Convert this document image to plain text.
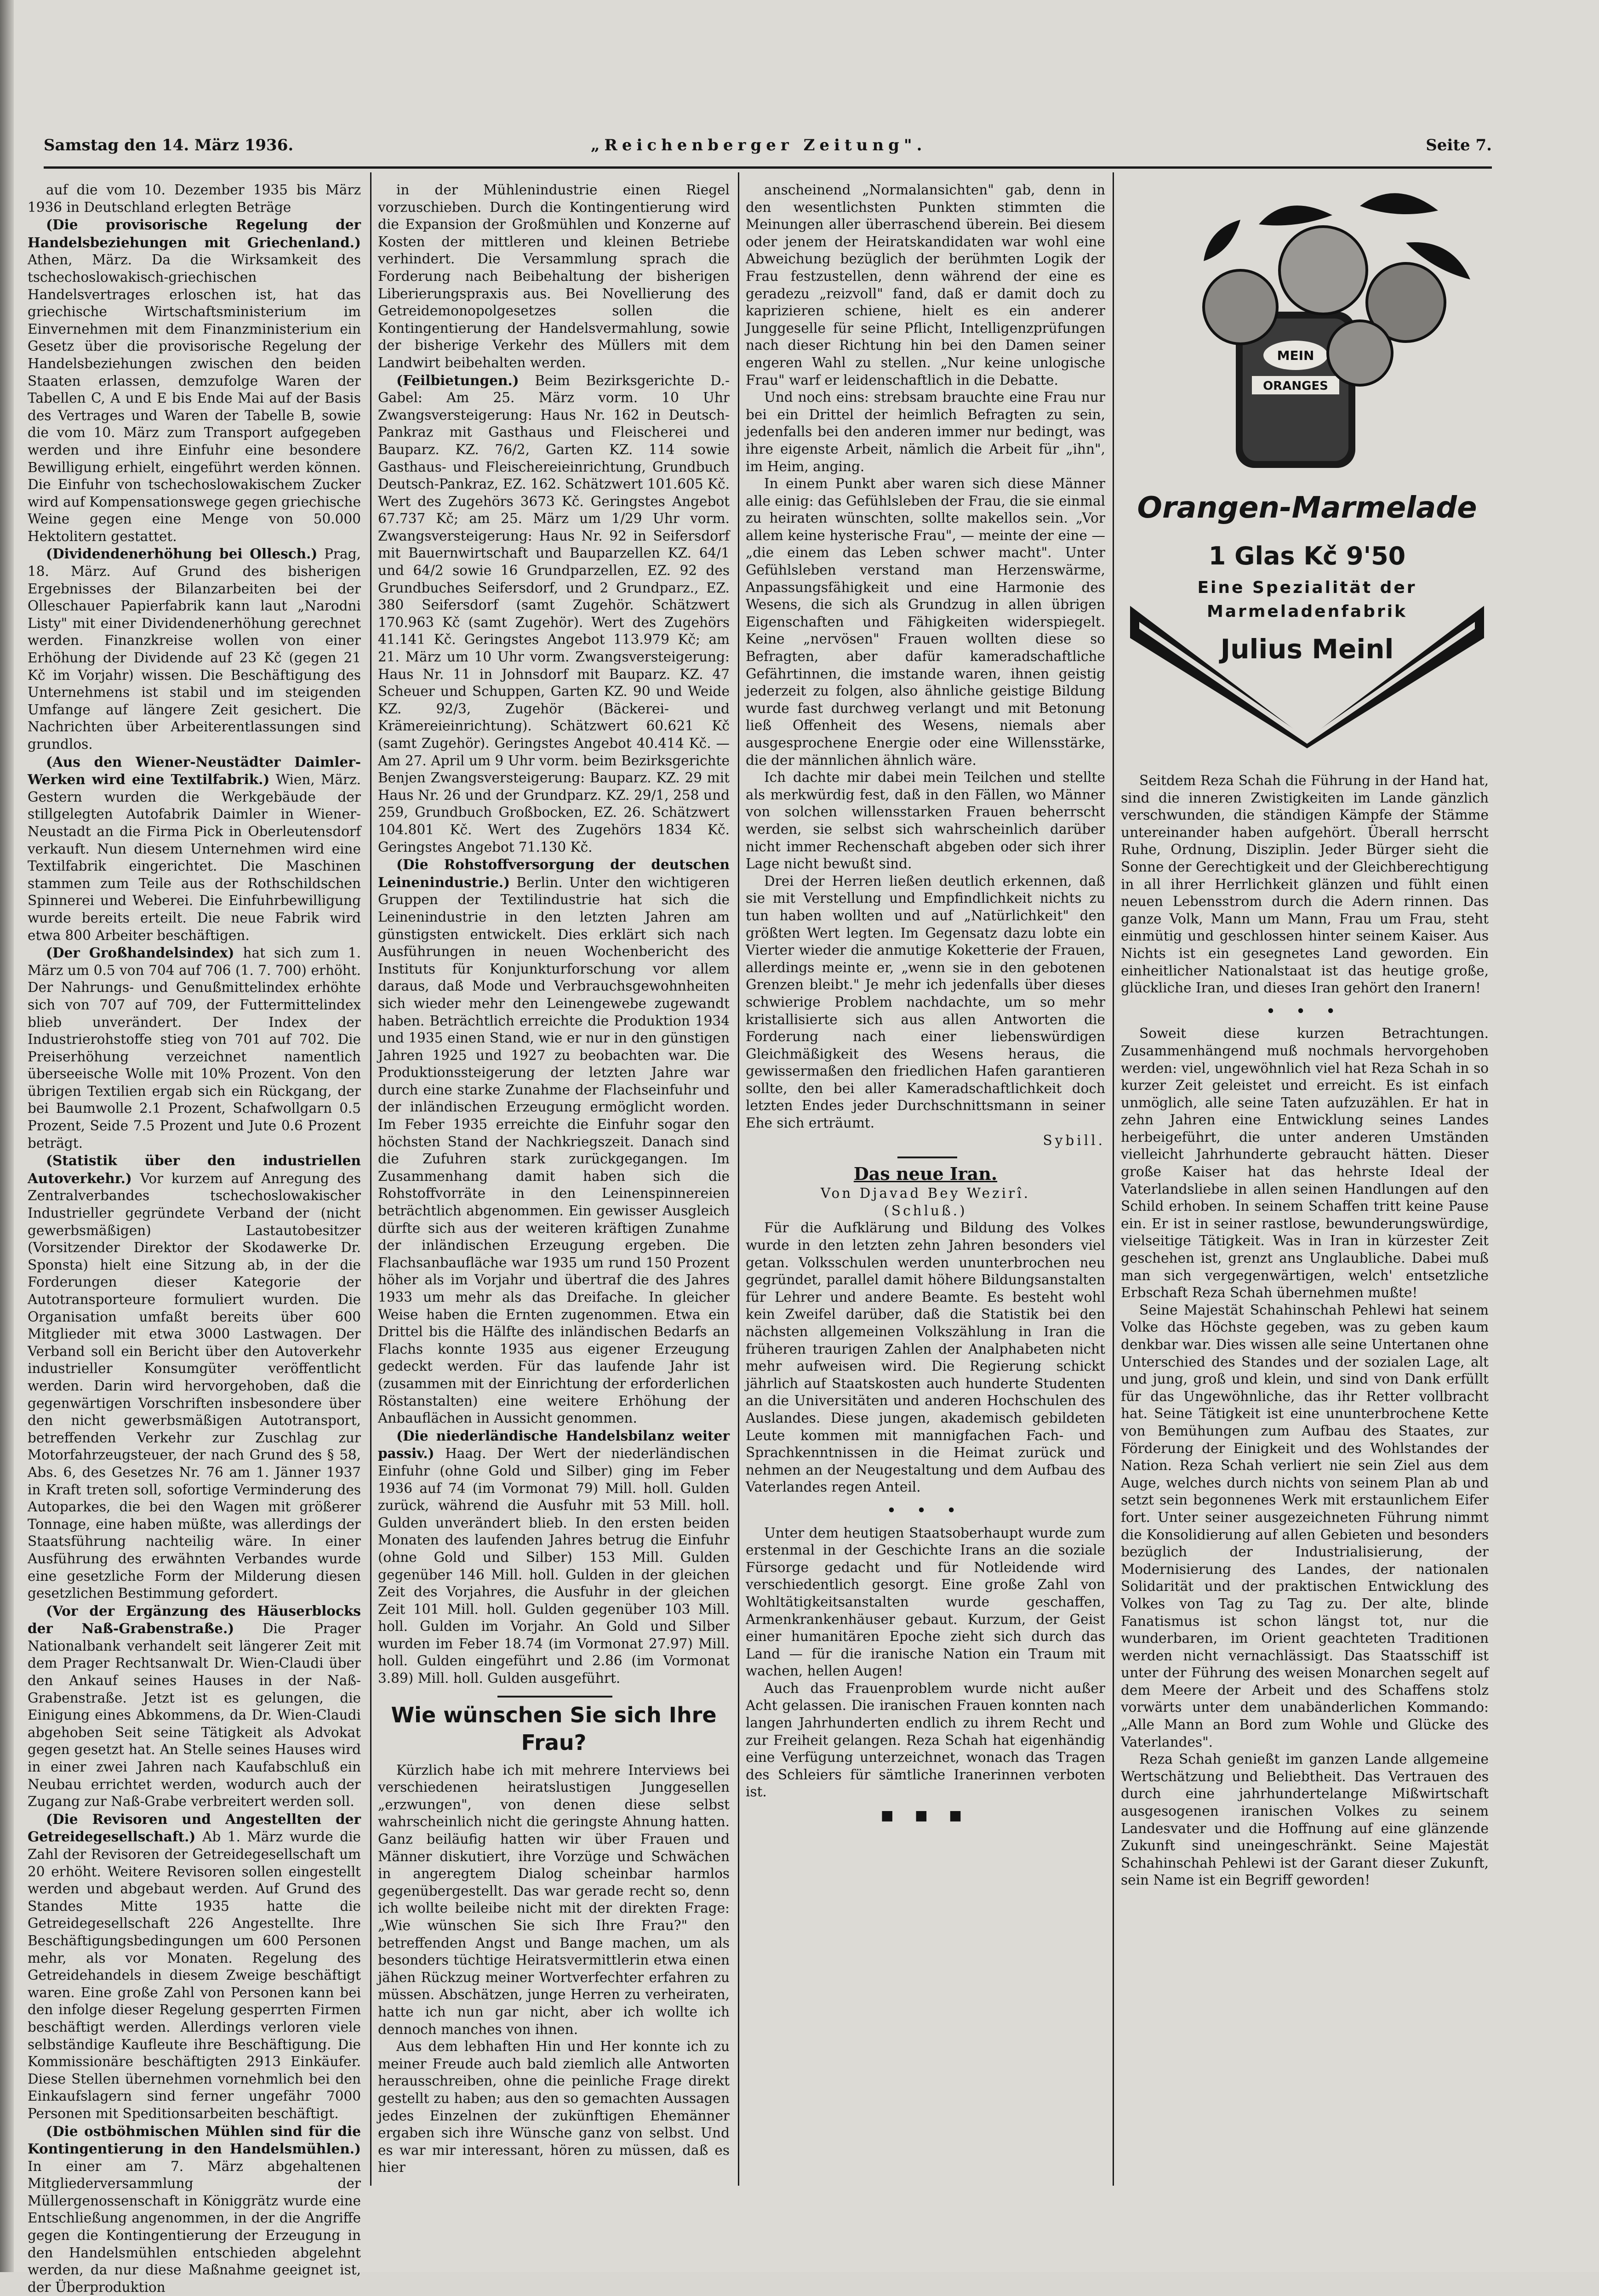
Samstag den 14. März 1936.	„Reichenberger Zeitung".	Seite 7.

auf die vom 10. Dezember 1935 bis März 1936 in Deutschland erlegten Beträge

(Die provisorische Regelung der Handelsbeziehungen mit Griechenland.) Athen, März. Da die Wirksamkeit des tschechoslowakisch-griechischen Handelsvertrages erloschen ist, hat das griechische Wirtschaftsministerium im Einvernehmen mit dem Finanzministerium ein Gesetz über die provisorische Regelung der Handelsbeziehungen zwischen den beiden Staaten erlassen, demzufolge Waren der Tabellen C, A und E bis Ende Mai auf der Basis des Vertrages und Waren der Tabelle B, sowie die vom 10. März zum Transport aufgegeben werden und ihre Einfuhr eine besondere Bewilligung erhielt, eingeführt werden können. Die Einfuhr von tschechoslowakischem Zucker wird auf Kompensationswege gegen griechische Weine gegen eine Menge von 50.000 Hektolitern gestattet.

(Dividendenerhöhung bei Ollesch.) Prag, 18. März. Auf Grund des bisherigen Ergebnisses der Bilanzarbeiten bei der Olleschauer Papierfabrik kann laut „Narodni Listy" mit einer Dividendenerhöhung gerechnet werden. Finanzkreise wollen von einer Erhöhung der Dividende auf 23 Kč (gegen 21 Kč im Vorjahr) wissen. Die Beschäftigung des Unternehmens ist stabil und im steigenden Umfange auf längere Zeit gesichert. Die Nachrichten über Arbeiterentlassungen sind grundlos.

(Aus den Wiener-Neustädter Daimler-Werken wird eine Textilfabrik.) Wien, März. Gestern wurden die Werkgebäude der stillgelegten Autofabrik Daimler in Wiener-Neustadt an die Firma Pick in Oberleutensdorf verkauft. Nun diesem Unternehmen wird eine Textilfabrik eingerichtet. Die Maschinen stammen zum Teile aus der Rothschildschen Spinnerei und Weberei. Die Einfuhrbewilligung wurde bereits erteilt. Die neue Fabrik wird etwa 800 Arbeiter beschäftigen.

(Der Großhandelsindex) hat sich zum 1. März um 0.5 von 704 auf 706 (1. 7. 700) erhöht. Der Nahrungs- und Genußmittelindex erhöhte sich von 707 auf 709, der Futtermittelindex blieb unverändert. Der Index der Industrierohstoffe stieg von 701 auf 702. Die Preiserhöhung verzeichnet namentlich überseeische Wolle mit 10% Prozent. Von den übrigen Textilien ergab sich ein Rückgang, der bei Baumwolle 2.1 Prozent, Schafwollgarn 0.5 Prozent, Seide 7.5 Prozent und Jute 0.6 Prozent beträgt.

(Statistik über den industriellen Autoverkehr.) Vor kurzem auf Anregung des Zentralverbandes tschechoslowakischer Industrieller gegründete Verband der (nicht gewerbsmäßigen) Lastautobesitzer (Vorsitzender Direktor der Skodawerke Dr. Sponsta) hielt eine Sitzung ab, in der die Forderungen dieser Kategorie der Autotransporteure formuliert wurden. Die Organisation umfaßt bereits über 600 Mitglieder mit etwa 3000 Lastwagen. Der Verband soll ein Bericht über den Autoverkehr industrieller Konsumgüter veröffentlicht werden. Darin wird hervorgehoben, daß die gegenwärtigen Vorschriften insbesondere über den nicht gewerbsmäßigen Autotransport, betreffenden Verkehr zur Zuschlag zur Motorfahrzeugsteuer, der nach Grund des § 58, Abs. 6, des Gesetzes Nr. 76 am 1. Jänner 1937 in Kraft treten soll, sofortige Verminderung des Autoparkes, die bei den Wagen mit größerer Tonnage, eine haben müßte, was allerdings der Staatsführung nachteilig wäre. In einer Ausführung des erwähnten Verbandes wurde eine gesetzliche Form der Milderung diesen gesetzlichen Bestimmung gefordert.

(Vor der Ergänzung des Häuserblocks der Naß-Grabenstraße.) Die Prager Nationalbank verhandelt seit längerer Zeit mit dem Prager Rechtsanwalt Dr. Wien-Claudi über den Ankauf seines Hauses in der Naß-Grabenstraße. Jetzt ist es gelungen, die Einigung eines Abkommens, da Dr. Wien-Claudi abgehoben Seit seine Tätigkeit als Advokat gegen gesetzt hat. An Stelle seines Hauses wird in einer zwei Jahren nach Kaufabschluß ein Neubau errichtet werden, wodurch auch der Zugang zur Naß-Grabe verbreitert werden soll.

(Die Revisoren und Angestellten der Getreidegesellschaft.) Ab 1. März wurde die Zahl der Revisoren der Getreidegesellschaft um 20 erhöht. Weitere Revisoren sollen eingestellt werden und abgebaut werden. Auf Grund des Standes Mitte 1935 hatte die Getreidegesellschaft 226 Angestellte. Ihre Beschäftigungsbedingungen um 600 Personen mehr, als vor Monaten. Regelung des Getreidehandels in diesem Zweige beschäftigt waren. Eine große Zahl von Personen kann bei den infolge dieser Regelung gesperrten Firmen beschäftigt werden. Allerdings verloren viele selbständige Kaufleute ihre Beschäftigung. Die Kommissionäre beschäftigten 2913 Einkäufer. Diese Stellen übernehmen vornehmlich bei den Einkaufslagern sind ferner ungefähr 7000 Personen mit Speditionsarbeiten beschäftigt.

(Die ostböhmischen Mühlen sind für die Kontingentierung in den Handelsmühlen.) In einer am 7. März abgehaltenen Mitgliederversammlung der Müllergenossenschaft in Königgrätz wurde eine Entschließung angenommen, in der die Angriffe gegen die Kontingentierung der Erzeugung in den Handelsmühlen entschieden abgelehnt werden, da nur diese Maßnahme geeignet ist, der Überproduktion

in der Mühlenindustrie einen Riegel vorzuschieben. Durch die Kontingentierung wird die Expansion der Großmühlen und Konzerne auf Kosten der mittleren und kleinen Betriebe verhindert. Die Versammlung sprach die Forderung nach Beibehaltung der bisherigen Liberierungspraxis aus. Bei Novellierung des Getreidemonopolgesetzes sollen die Kontingentierung der Handelsvermahlung, sowie der bisherige Verkehr des Müllers mit dem Landwirt beibehalten werden.

(Feilbietungen.) Beim Bezirksgerichte D.-Gabel: Am 25. März vorm. 10 Uhr Zwangsversteigerung: Haus Nr. 162 in Deutsch-Pankraz mit Gasthaus und Fleischerei und Bauparz. KZ. 76/2, Garten KZ. 114 sowie Gasthaus- und Fleischereieinrichtung, Grundbuch Deutsch-Pankraz, EZ. 162. Schätzwert 101.605 Kč. Wert des Zugehörs 3673 Kč. Geringstes Angebot 67.737 Kč; am 25. März um 1/29 Uhr vorm. Zwangsversteigerung: Haus Nr. 92 in Seifersdorf mit Bauernwirtschaft und Bauparzellen KZ. 64/1 und 64/2 sowie 16 Grundparzellen, EZ. 92 des Grundbuches Seifersdorf, und 2 Grundparz., EZ. 380 Seifersdorf (samt Zugehör. Schätzwert 170.963 Kč (samt Zugehör). Wert des Zugehörs 41.141 Kč. Geringstes Angebot 113.979 Kč; am 21. März um 10 Uhr vorm. Zwangsversteigerung: Haus Nr. 11 in Johnsdorf mit Bauparz. KZ. 47 Scheuer und Schuppen, Garten KZ. 90 und Weide KZ. 92/3, Zugehör (Bäckerei- und Krämereieinrichtung). Schätzwert 60.621 Kč (samt Zugehör). Geringstes Angebot 40.414 Kč. — Am 27. April um 9 Uhr vorm. beim Bezirksgerichte Benjen Zwangsversteigerung: Bauparz. KZ. 29 mit Haus Nr. 26 und der Grundparz. KZ. 29/1, 258 und 259, Grundbuch Großbocken, EZ. 26. Schätzwert 104.801 Kč. Wert des Zugehörs 1834 Kč. Geringstes Angebot 71.130 Kč.

(Die Rohstoffversorgung der deutschen Leinenindustrie.) Berlin. Unter den wichtigeren Gruppen der Textilindustrie hat sich die Leinenindustrie in den letzten Jahren am günstigsten entwickelt. Dies erklärt sich nach Ausführungen in neuen Wochenbericht des Instituts für Konjunkturforschung vor allem daraus, daß Mode und Verbrauchsgewohnheiten sich wieder mehr den Leinengewebe zugewandt haben. Beträchtlich erreichte die Produktion 1934 und 1935 einen Stand, wie er nur in den günstigen Jahren 1925 und 1927 zu beobachten war. Die Produktionssteigerung der letzten Jahre war durch eine starke Zunahme der Flachseinfuhr und der inländischen Erzeugung ermöglicht worden. Im Feber 1935 erreichte die Einfuhr sogar den höchsten Stand der Nachkriegszeit. Danach sind die Zufuhren stark zurückgegangen. Im Zusammenhang damit haben sich die Rohstoffvorräte in den Leinenspinnereien beträchtlich abgenommen. Ein gewisser Ausgleich dürfte sich aus der weiteren kräftigen Zunahme der inländischen Erzeugung ergeben. Die Flachsanbaufläche war 1935 um rund 150 Prozent höher als im Vorjahr und übertraf die des Jahres 1933 um mehr als das Dreifache. In gleicher Weise haben die Ernten zugenommen. Etwa ein Drittel bis die Hälfte des inländischen Bedarfs an Flachs konnte 1935 aus eigener Erzeugung gedeckt werden. Für das laufende Jahr ist (zusammen mit der Einrichtung der erforderlichen Röstanstalten) eine weitere Erhöhung der Anbauflächen in Aussicht genommen.

(Die niederländische Handelsbilanz weiter passiv.) Haag. Der Wert der niederländischen Einfuhr (ohne Gold und Silber) ging im Feber 1936 auf 74 (im Vormonat 79) Mill. holl. Gulden zurück, während die Ausfuhr mit 53 Mill. holl. Gulden unverändert blieb. In den ersten beiden Monaten des laufenden Jahres betrug die Einfuhr (ohne Gold und Silber) 153 Mill. Gulden gegenüber 146 Mill. holl. Gulden in der gleichen Zeit des Vorjahres, die Ausfuhr in der gleichen Zeit 101 Mill. holl. Gulden gegenüber 103 Mill. holl. Gulden im Vorjahr. An Gold und Silber wurden im Feber 18.74 (im Vormonat 27.97) Mill. holl. Gulden eingeführt und 2.86 (im Vormonat 3.89) Mill. holl. Gulden ausgeführt.

Wie wünschen Sie sich Ihre Frau?

Kürzlich habe ich mit mehrere Interviews bei verschiedenen heiratslustigen Junggesellen „erzwungen", von denen diese selbst wahrscheinlich nicht die geringste Ahnung hatten. Ganz beiläufig hatten wir über Frauen und Männer diskutiert, ihre Vorzüge und Schwächen in angeregtem Dialog scheinbar harmlos gegenübergestellt. Das war gerade recht so, denn ich wollte beileibe nicht mit der direkten Frage: „Wie wünschen Sie sich Ihre Frau?" den betreffenden Angst und Bange machen, um als besonders tüchtige Heiratsvermittlerin etwa einen jähen Rückzug meiner Wortverfechter erfahren zu müssen. Abschätzen, junge Herren zu verheiraten, hatte ich nun gar nicht, aber ich wollte ich dennoch manches von ihnen.

Aus dem lebhaften Hin und Her konnte ich zu meiner Freude auch bald ziemlich alle Antworten herausschreiben, ohne die peinliche Frage direkt gestellt zu haben; aus den so gemachten Aussagen jedes Einzelnen der zukünftigen Ehemänner ergaben sich ihre Wünsche ganz von selbst. Und es war mir interessant, hören zu müssen, daß es hier

anscheinend „Normalansichten" gab, denn in den wesentlichsten Punkten stimmten die Meinungen aller überraschend überein. Bei diesem oder jenem der Heiratskandidaten war wohl eine Abweichung bezüglich der berühmten Logik der Frau festzustellen, denn während der eine es geradezu „reizvoll" fand, daß er damit doch zu kaprizieren schiene, hielt es ein anderer Junggeselle für seine Pflicht, Intelligenzprüfungen nach dieser Richtung hin bei den Damen seiner engeren Wahl zu stellen. „Nur keine unlogische Frau" warf er leidenschaftlich in die Debatte.

Und noch eins: strebsam brauchte eine Frau nur bei ein Drittel der heimlich Befragten zu sein, jedenfalls bei den anderen immer nur bedingt, was ihre eigenste Arbeit, nämlich die Arbeit für „ihn", im Heim, anging.

In einem Punkt aber waren sich diese Männer alle einig: das Gefühlsleben der Frau, die sie einmal zu heiraten wünschten, sollte makellos sein. „Vor allem keine hysterische Frau", — meinte der eine — „die einem das Leben schwer macht". Unter Gefühlsleben verstand man Herzenswärme, Anpassungsfähigkeit und eine Harmonie des Wesens, die sich als Grundzug in allen übrigen Eigenschaften und Fähigkeiten widerspiegelt. Keine „nervösen" Frauen wollten diese so Befragten, aber dafür kameradschaftliche Gefährtinnen, die imstande waren, ihnen geistig jederzeit zu folgen, also ähnliche geistige Bildung wurde fast durchweg verlangt und mit Betonung ließ Offenheit des Wesens, niemals aber ausgesprochene Energie oder eine Willensstärke, die der männlichen ähnlich wäre.

Ich dachte mir dabei mein Teilchen und stellte als merkwürdig fest, daß in den Fällen, wo Männer von solchen willensstarken Frauen beherrscht werden, sie selbst sich wahrscheinlich darüber nicht immer Rechenschaft abgeben oder sich ihrer Lage nicht bewußt sind.

Drei der Herren ließen deutlich erkennen, daß sie mit Verstellung und Empfindlichkeit nichts zu tun haben wollten und auf „Natürlichkeit" den größten Wert legten. Im Gegensatz dazu lobte ein Vierter wieder die anmutige Koketterie der Frauen, allerdings meinte er, „wenn sie in den gebotenen Grenzen bleibt." Je mehr ich jedenfalls über dieses schwierige Problem nachdachte, um so mehr kristallisierte sich aus allen Antworten die Forderung nach einer liebenswürdigen Gleichmäßigkeit des Wesens heraus, die gewissermaßen den friedlichen Hafen garantieren sollte, den bei aller Kameradschaftlichkeit doch letzten Endes jeder Durchschnittsmann in seiner Ehe sich erträumt.

Sybill.
Das neue Iran.
Von Djavad Bey Wezirî.
(Schluß.)

Für die Aufklärung und Bildung des Volkes wurde in den letzten zehn Jahren besonders viel getan. Volksschulen werden ununterbrochen neu gegründet, parallel damit höhere Bildungsanstalten für Lehrer und andere Beamte. Es besteht wohl kein Zweifel darüber, daß die Statistik bei den nächsten allgemeinen Volkszählung in Iran die früheren traurigen Zahlen der Analphabeten nicht mehr aufweisen wird. Die Regierung schickt jährlich auf Staatskosten auch hunderte Studenten an die Universitäten und anderen Hochschulen des Auslandes. Diese jungen, akademisch gebildeten Leute kommen mit mannigfachen Fach- und Sprachkenntnissen in die Heimat zurück und nehmen an der Neugestaltung und dem Aufbau des Vaterlandes regen Anteil.

• • •

Unter dem heutigen Staatsoberhaupt wurde zum erstenmal in der Geschichte Irans an die soziale Fürsorge gedacht und für Notleidende wird verschiedentlich gesorgt. Eine große Zahl von Wohltätigkeitsanstalten wurde geschaffen, Armenkrankenhäuser gebaut. Kurzum, der Geist einer humanitären Epoche zieht sich durch das Land — für die iranische Nation ein Traum mit wachen, hellen Augen!

Auch das Frauenproblem wurde nicht außer Acht gelassen. Die iranischen Frauen konnten nach langen Jahrhunderten endlich zu ihrem Recht und zur Freiheit gelangen. Reza Schah hat eigenhändig eine Verfügung unterzeichnet, wonach das Tragen des Schleiers für sämtliche Iranerinnen verboten ist.

■ ■ ■
MEIN
ORANGES
Orangen-Marmelade
1 Glas Kč 9'50
Eine Spezialität der
Marmeladenfabrik
Julius Meinl

Seitdem Reza Schah die Führung in der Hand hat, sind die inneren Zwistigkeiten im Lande gänzlich verschwunden, die ständigen Kämpfe der Stämme untereinander haben aufgehört. Überall herrscht Ruhe, Ordnung, Disziplin. Jeder Bürger sieht die Sonne der Gerechtigkeit und der Gleichberechtigung in all ihrer Herrlichkeit glänzen und fühlt einen neuen Lebensstrom durch die Adern rinnen. Das ganze Volk, Mann um Mann, Frau um Frau, steht einmütig und geschlossen hinter seinem Kaiser. Aus Nichts ist ein gesegnetes Land geworden. Ein einheitlicher Nationalstaat ist das heutige große, glückliche Iran, und dieses Iran gehört den Iranern!

• • •

Soweit diese kurzen Betrachtungen. Zusammenhängend muß nochmals hervorgehoben werden: viel, ungewöhnlich viel hat Reza Schah in so kurzer Zeit geleistet und erreicht. Es ist einfach unmöglich, alle seine Taten aufzuzählen. Er hat in zehn Jahren eine Entwicklung seines Landes herbeigeführt, die unter anderen Umständen vielleicht Jahrhunderte gebraucht hätten. Dieser große Kaiser hat das hehrste Ideal der Vaterlandsliebe in allen seinen Handlungen auf den Schild erhoben. In seinem Schaffen tritt keine Pause ein. Er ist in seiner rastlose, bewunderungswürdige, vielseitige Tätigkeit. Was in Iran in kürzester Zeit geschehen ist, grenzt ans Unglaubliche. Dabei muß man sich vergegenwärtigen, welch' entsetzliche Erbschaft Reza Schah übernehmen mußte!

Seine Majestät Schahinschah Pehlewi hat seinem Volke das Höchste gegeben, was zu geben kaum denkbar war. Dies wissen alle seine Untertanen ohne Unterschied des Standes und der sozialen Lage, alt und jung, groß und klein, und sind von Dank erfüllt für das Ungewöhnliche, das ihr Retter vollbracht hat. Seine Tätigkeit ist eine ununterbrochene Kette von Bemühungen zum Aufbau des Staates, zur Förderung der Einigkeit und des Wohlstandes der Nation. Reza Schah verliert nie sein Ziel aus dem Auge, welches durch nichts von seinem Plan ab und setzt sein begonnenes Werk mit erstaunlichem Eifer fort. Unter seiner ausgezeichneten Führung nimmt die Konsolidierung auf allen Gebieten und besonders bezüglich der Industrialisierung, der Modernisierung des Landes, der nationalen Solidarität und der praktischen Entwicklung des Volkes von Tag zu Tag zu. Der alte, blinde Fanatismus ist schon längst tot, nur die wunderbaren, im Orient geachteten Traditionen werden nicht vernachlässigt. Das Staatsschiff ist unter der Führung des weisen Monarchen segelt auf dem Meere der Arbeit und des Schaffens stolz vorwärts unter dem unabänderlichen Kommando: „Alle Mann an Bord zum Wohle und Glücke des Vaterlandes".

Reza Schah genießt im ganzen Lande allgemeine Wertschätzung und Beliebtheit. Das Vertrauen des durch eine jahrhundertelange Mißwirtschaft ausgesogenen iranischen Volkes zu seinem Landesvater und die Hoffnung auf eine glänzende Zukunft sind uneingeschränkt. Seine Majestät Schahinschah Pehlewi ist der Garant dieser Zukunft, sein Name ist ein Begriff geworden!
